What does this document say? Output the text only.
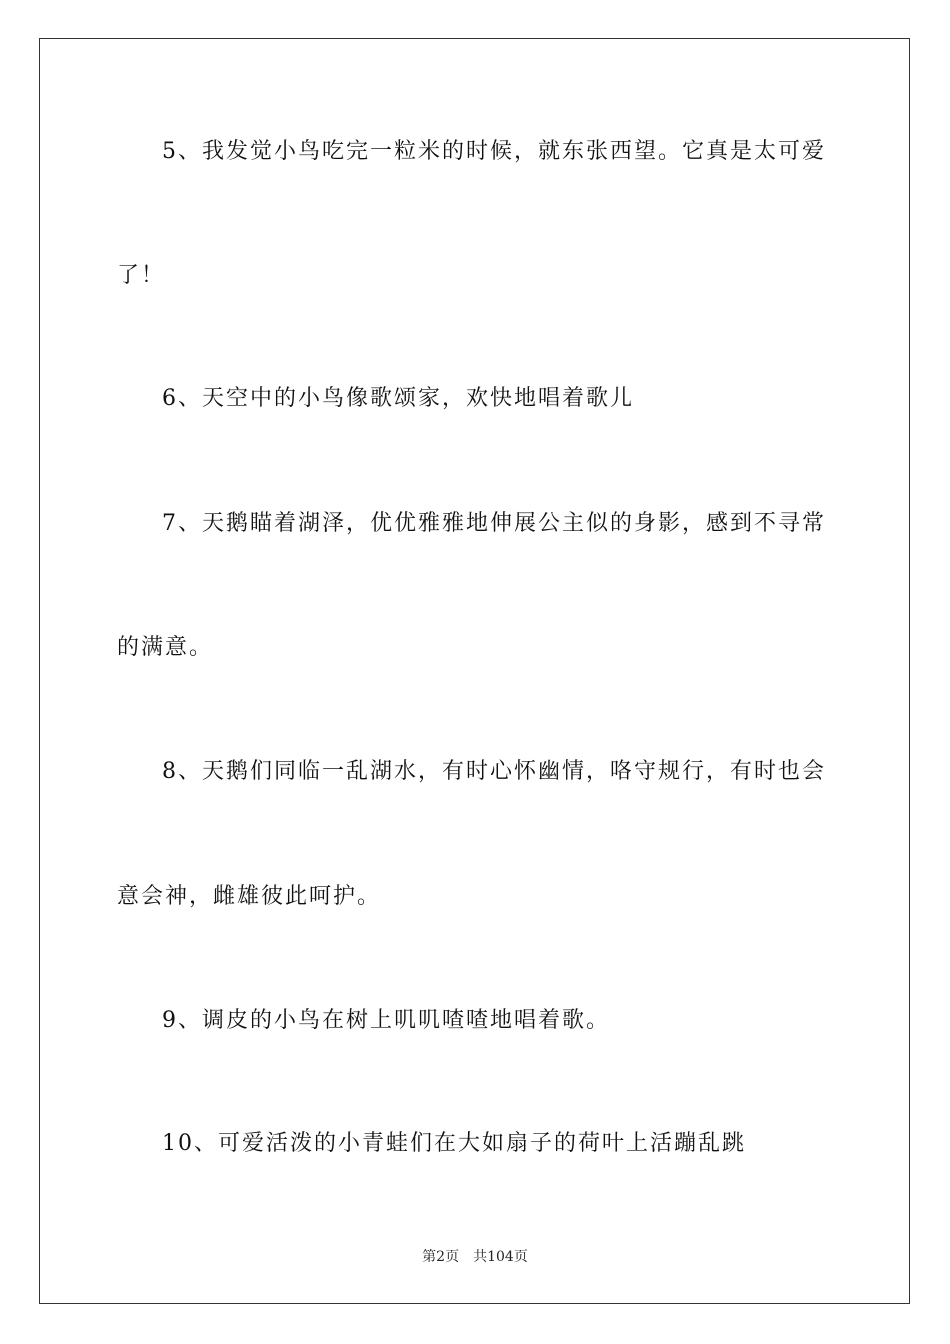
5、我发觉小鸟吃完一粒米的时候，就东张西望。它真是太可爱
了！
6、天空中的小鸟像歌颂家，欢快地唱着歌儿
7、天鹅瞄着湖泽，优优雅雅地伸展公主似的身影，感到不寻常
的满意。
8、天鹅们同临一乱湖水，有时心怀幽情，咯守规行，有时也会
意会神，雌雄彼此呵护。
9、调皮的小鸟在树上叽叽喳喳地唱着歌。
10、可爱活泼的小青蛙们在大如扇子的荷叶上活蹦乱跳
第2页 共104页
